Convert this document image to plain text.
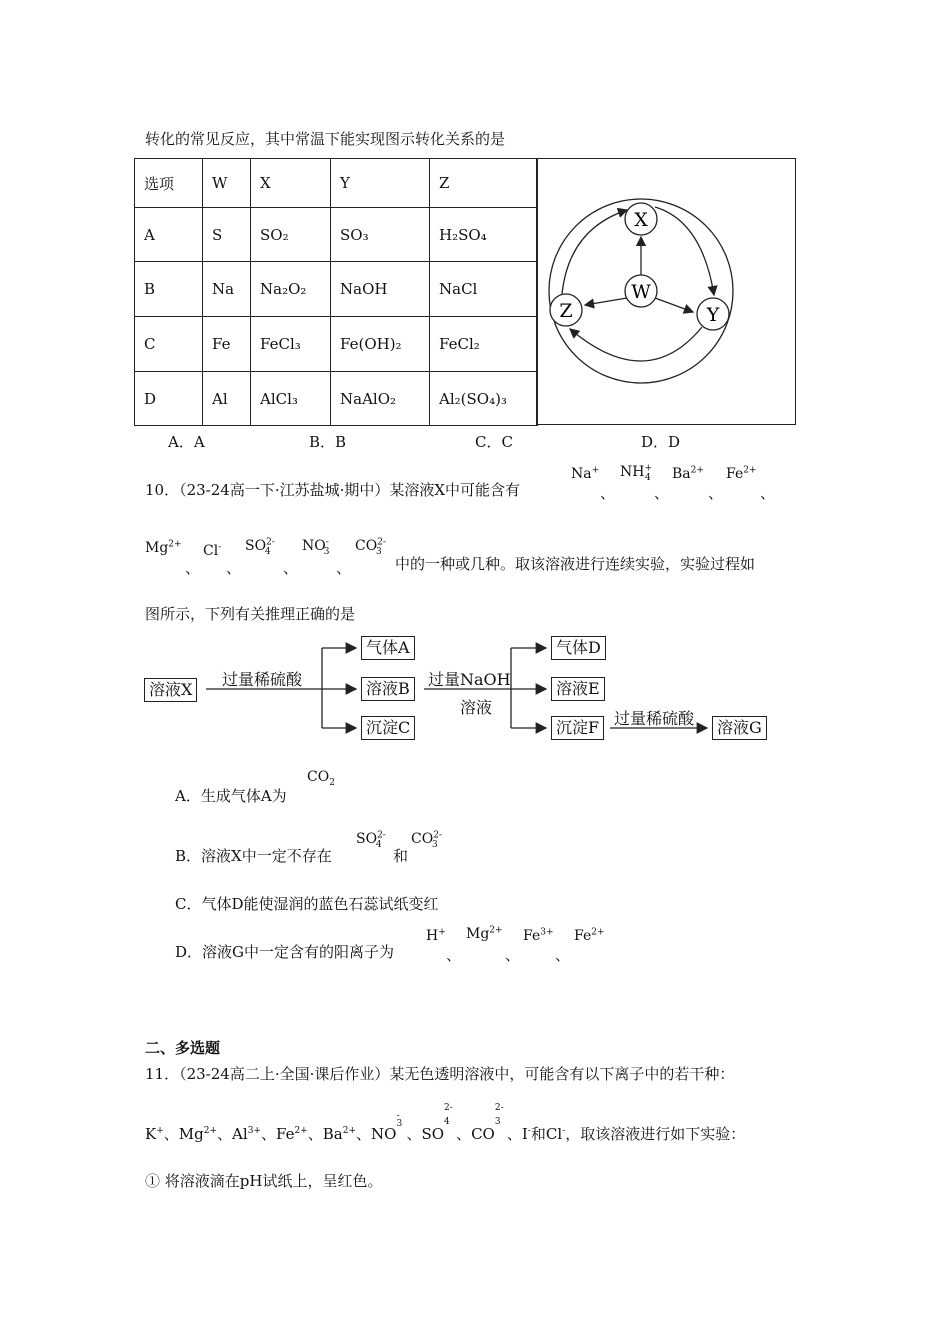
转化的常见反应，其中常温下能实现图示转化关系的是
选项	W	X	Y	Z
A	S	SO₂	SO₃	H₂SO₄
B	Na	Na₂O₂	NaOH	NaCl
C	Fe	FeCl₃	Fe(OH)₂	FeCl₂
D	Al	AlCl₃	NaAlO₂	Al₂(SO₄)₃
X
W
Y
Z
A．A	B．B	C．C	D．D
10．（23-24高一下·江苏盐城·期中）某溶液X中可能含有
Na+
、
$NH^+_4$
、
$Ba^{2+}$
、
$Fe^{2+}$
、
$Mg^{2+}$
、
Cl-
、
$SO^{2-}_4$
、
$NO^-_3$
、
$CO^{2-}_3$
中的一种或几种。取该溶液进行连续实验，实验过程如
图所示，下列有关推理正确的是
溶液X
过量稀硫酸
气体A
溶液B
沉淀C
过量NaOH
溶液
气体D
溶液E
沉淀F 过量稀硫酸	溶液G
A．生成气体A为
$CO_2$
B．溶液X中一定不存在
$SO^{2-}_4$
和
$CO^{2-}_3$
C．气体D能使湿润的蓝色石蕊试纸变红
D．溶液G中一定含有的阳离子为
H+
、
$Mg^{2+}$
、
$Fe^{3+}$
、
$Fe^{2+}$
二、多选题
11．（23-24高二上·全国·课后作业）某无色透明溶液中，可能含有以下离子中的若干种：
K+、$Mg^{2+}$、$Al^{3+}$、$Fe^{2+}$、$Ba^{2+}$、NO
-
3
、SO
2-
4
、CO
2-
3
、I-和Cl-，取该溶液进行如下实验：
① 将溶液滴在pH试纸上，呈红色。
